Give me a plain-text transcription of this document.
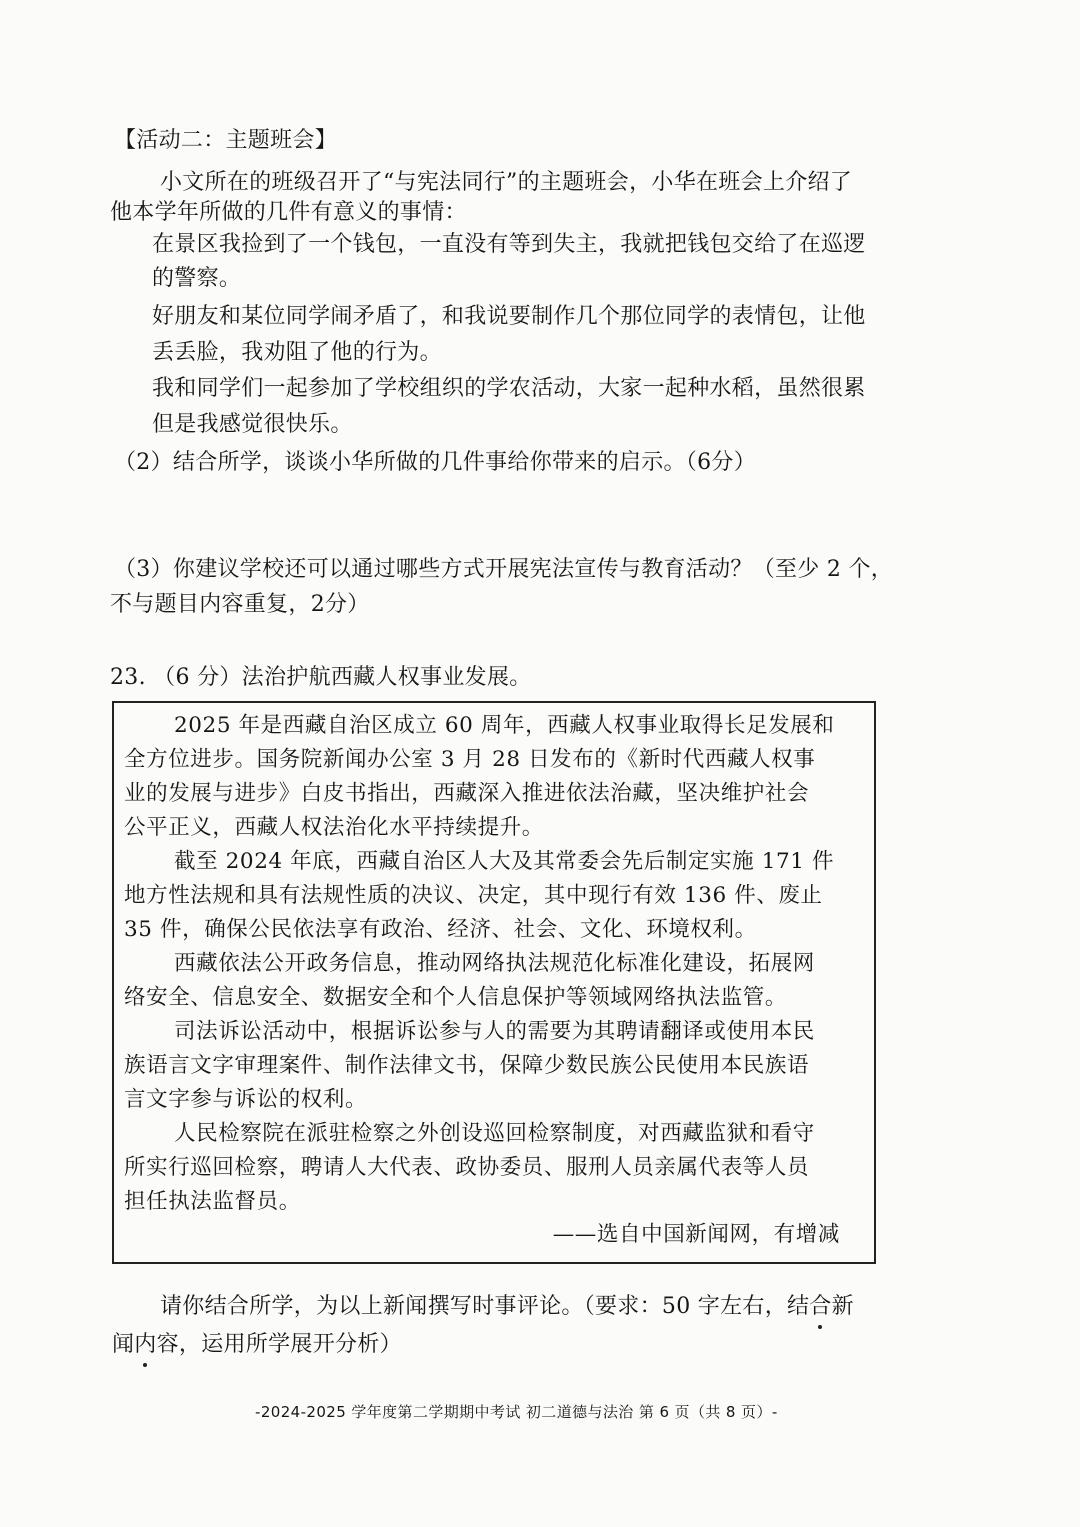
【活动二：主题班会】
小文所在的班级召开了“与宪法同行”的主题班会，小华在班会上介绍了
他本学年所做的几件有意义的事情：
在景区我捡到了一个钱包，一直没有等到失主，我就把钱包交给了在巡逻
的警察。
好朋友和某位同学闹矛盾了，和我说要制作几个那位同学的表情包，让他
丢丢脸，我劝阻了他的行为。
我和同学们一起参加了学校组织的学农活动，大家一起种水稻，虽然很累
但是我感觉很快乐。
（2）结合所学，谈谈小华所做的几件事给你带来的启示。（6分）
（3）你建议学校还可以通过哪些方式开展宪法宣传与教育活动？（至少 2 个，
不与题目内容重复，2分）
23. （6 分）法治护航西藏人权事业发展。
2025 年是西藏自治区成立 60 周年，西藏人权事业取得长足发展和
全方位进步。国务院新闻办公室 3 月 28 日发布的《新时代西藏人权事
业的发展与进步》白皮书指出，西藏深入推进依法治藏，坚决维护社会
公平正义，西藏人权法治化水平持续提升。
截至 2024 年底，西藏自治区人大及其常委会先后制定实施 171 件
地方性法规和具有法规性质的决议、决定，其中现行有效 136 件、废止
35 件，确保公民依法享有政治、经济、社会、文化、环境权利。
西藏依法公开政务信息，推动网络执法规范化标准化建设，拓展网
络安全、信息安全、数据安全和个人信息保护等领域网络执法监管。
司法诉讼活动中，根据诉讼参与人的需要为其聘请翻译或使用本民
族语言文字审理案件、制作法律文书，保障少数民族公民使用本民族语
言文字参与诉讼的权利。
人民检察院在派驻检察之外创设巡回检察制度，对西藏监狱和看守
所实行巡回检察，聘请人大代表、政协委员、服刑人员亲属代表等人员
担任执法监督员。
——选自中国新闻网，有增减
请你结合所学，为以上新闻撰写时事评论。（要求：50 字左右，结合新
闻内容，运用所学展开分析）
-2024-2025 学年度第二学期期中考试 初二道德与法治 第 6 页（共 8 页）-
